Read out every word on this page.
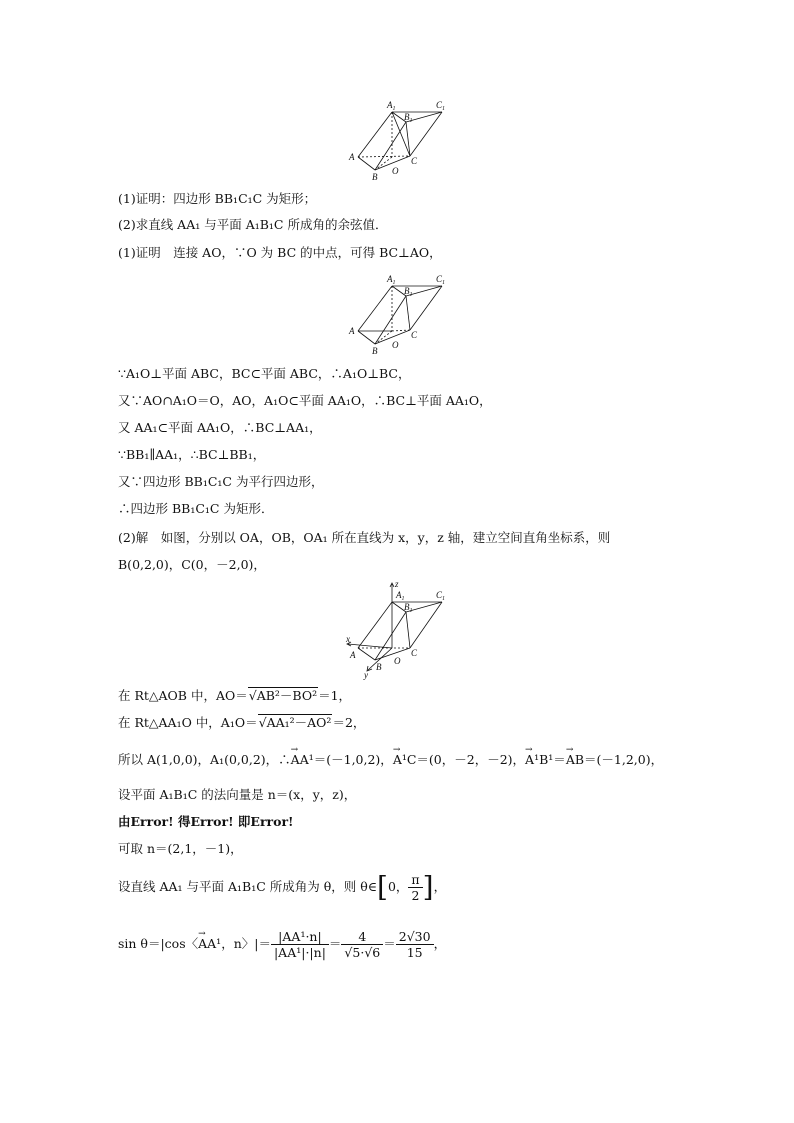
$A_1$	$C_1$
$B_1$
A
B
O
C
(1)证明：四边形 BB₁C₁C 为矩形；
(2)求直线 AA₁ 与平面 A₁B₁C 所成角的余弦值．
(1)证明　连接 AO，∵O 为 BC 的中点，可得 BC⊥AO，
$A_1$	$C_1$
$B_1$
A
B
O
C
∵A₁O⊥平面 ABC，BC⊂平面 ABC，∴A₁O⊥BC，
又∵AO∩A₁O＝O，AO，A₁O⊂平面 AA₁O，∴BC⊥平面 AA₁O，
又 AA₁⊂平面 AA₁O，∴BC⊥AA₁，
∵BB₁∥AA₁，∴BC⊥BB₁，
又∵四边形 BB₁C₁C 为平行四边形，
∴四边形 BB₁C₁C 为矩形．
(2)解　如图，分别以 OA，OB，OA₁ 所在直线为 x，y，z 轴，建立空间直角坐标系，则
B(0,2,0)，C(0，－2,0)，
z
x
y
$A_1$	$C_1$
$B_1$
A
B
O
C
在 Rt△AOB 中，AO＝√AB²－BO²＝1，
在 Rt△AA₁O 中，A₁O＝√AA₁²－AO²＝2，
所以 A(1,0,0)，A₁(0,0,2)，∴→ AA¹＝(－1,0,2)，→ A¹C＝(0，－2，－2)，→ A¹B¹＝→ AB＝(－1,2,0)，
设平面 A₁B₁C 的法向量是 n＝(x，y，z)，
由Error! 得Error! 即Error!
可取 n＝(2,1，－1)，
设直线 AA₁ 与平面 A₁B₁C 所成角为 θ，则 θ∈[0， $\frac{\pi}{2}$ ]，
sin θ＝|cos〈→ AA¹，n〉|＝ $\frac{\text{|AA¹·n|}}{\text{|AA¹|·|n|}} = \frac{4}{√5\cdot√6} = \frac{2√30}{15}$ ，
